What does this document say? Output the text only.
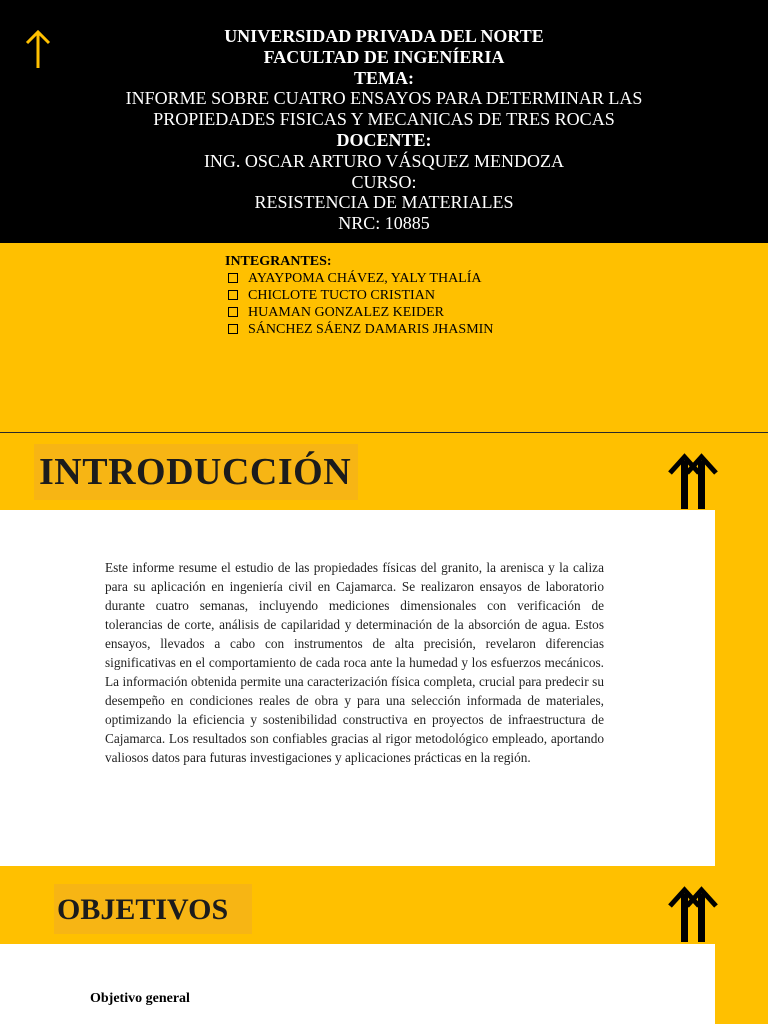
UNIVERSIDAD PRIVADA DEL NORTE
FACULTAD DE INGENÍERIA
TEMA:
INFORME SOBRE CUATRO ENSAYOS PARA DETERMINAR LAS
PROPIEDADES FISICAS Y MECANICAS DE TRES ROCAS
DOCENTE:
ING. OSCAR ARTURO VÁSQUEZ MENDOZA
CURSO:
RESISTENCIA DE MATERIALES
NRC: 10885
INTEGRANTES:
AYAYPOMA CHÁVEZ, YALY THALÍA
CHICLOTE TUCTO CRISTIAN
HUAMAN GONZALEZ KEIDER
SÁNCHEZ SÁENZ DAMARIS JHASMIN
INTRODUCCIÓN
Este informe resume el estudio de las propiedades físicas del granito, la arenisca y la caliza para su aplicación en ingeniería civil en Cajamarca. Se realizaron ensayos de laboratorio durante cuatro semanas, incluyendo mediciones dimensionales con verificación de tolerancias de corte, análisis de capilaridad y determinación de la absorción de agua. Estos ensayos, llevados a cabo con instrumentos de alta precisión, revelaron diferencias significativas en el comportamiento de cada roca ante la humedad y los esfuerzos mecánicos. La información obtenida permite una caracterización física completa, crucial para predecir su desempeño en condiciones reales de obra y para una selección informada de materiales, optimizando la eficiencia y sostenibilidad constructiva en proyectos de infraestructura de Cajamarca. Los resultados son confiables gracias al rigor metodológico empleado, aportando valiosos datos para futuras investigaciones y aplicaciones prácticas en la región.
OBJETIVOS
Objetivo general
